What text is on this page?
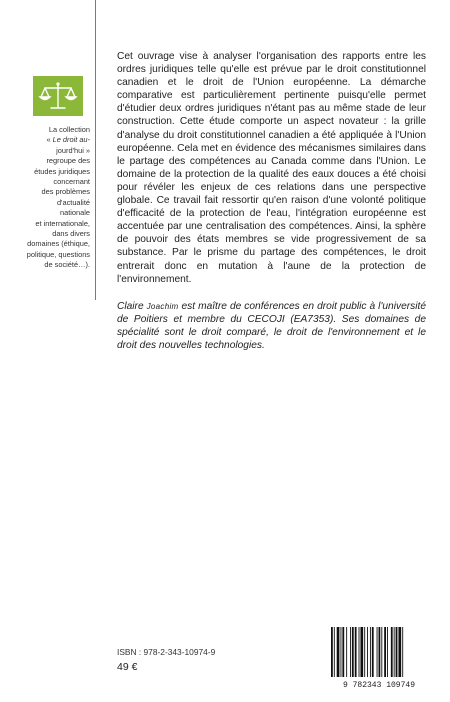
La collection
« Le droit au-
jourd'hui »
regroupe des
études juridiques
concernant
des problèmes
d'actualité
nationale
et internationale,
dans divers
domaines (éthique,
politique, questions
de société…).

Cet ouvrage vise à analyser l'organisation des rapports entre les ordres juridiques telle qu'elle est prévue par le droit constitutionnel canadien et le droit de l'Union européenne. La démarche comparative est particulièrement pertinente puisqu'elle permet d'étudier deux ordres juridiques n'étant pas au même stade de leur construction. Cette étude comporte un aspect novateur : la grille d'analyse du droit constitutionnel canadien a été appliquée à l'Union européenne. Cela met en évidence des mécanismes similaires dans le partage des compétences au Canada comme dans l'Union. Le domaine de la protection de la qualité des eaux douces a été choisi pour révéler les enjeux de ces relations dans une perspective globale. Ce travail fait ressortir qu'en raison d'une volonté politique d'efficacité de la protection de l'eau, l'intégration européenne est accentuée par une centralisation des compétences. Ainsi, la sphère de pouvoir des états membres se vide progressivement de sa substance. Par le prisme du partage des compétences, le droit entrerait donc en mutation à l'aune de la protection de l'environnement.

Claire Joachim est maître de conférences en droit public à l'université de Poitiers et membre du CECOJI (EA7353). Ses domaines de spécialité sont le droit comparé, le droit de l'environnement et le droit des nouvelles technologies.

ISBN : 978-2-343-10974-9
49 €
9 782343 109749
